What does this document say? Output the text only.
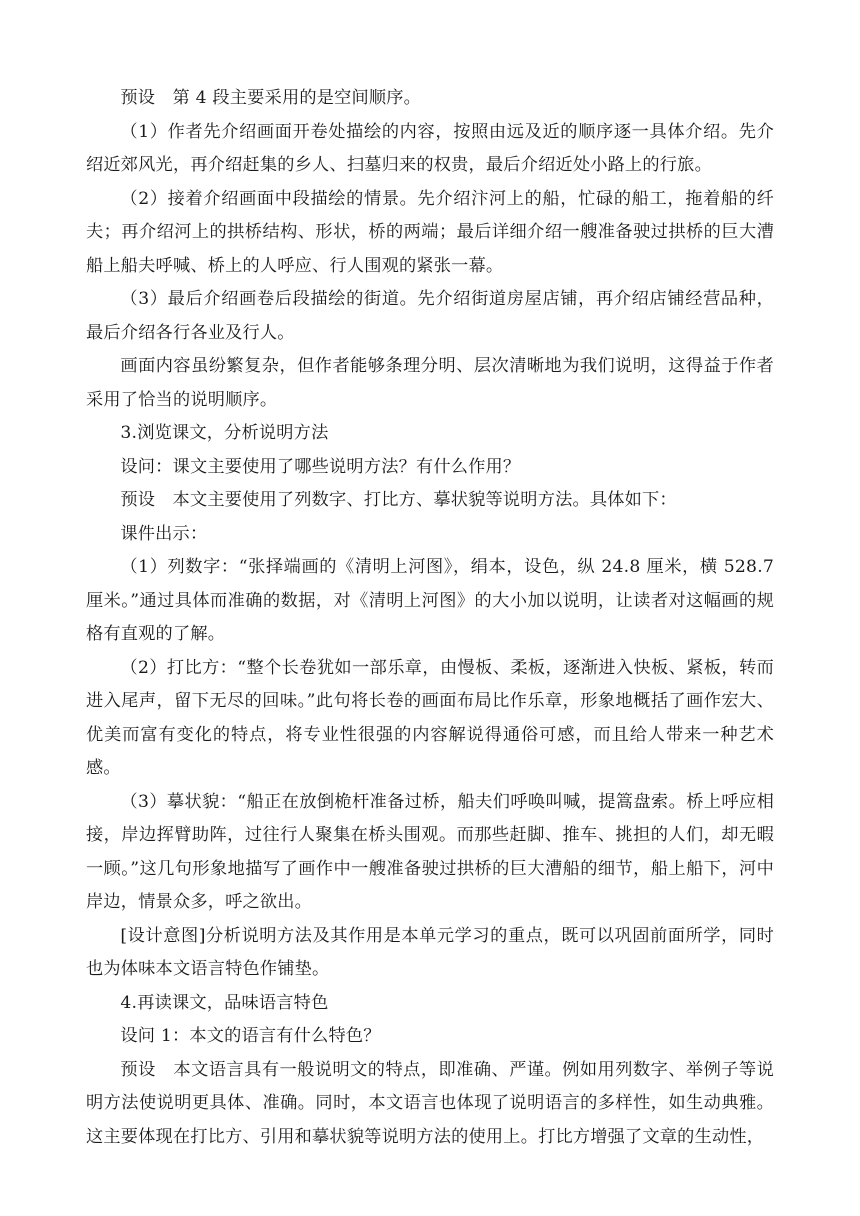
预设　第 4 段主要采用的是空间顺序。

（1）作者先介绍画面开卷处描绘的内容，按照由远及近的顺序逐一具体介绍。先介绍近郊风光，再介绍赶集的乡人、扫墓归来的权贵，最后介绍近处小路上的行旅。

（2）接着介绍画面中段描绘的情景。先介绍汴河上的船，忙碌的船工，拖着船的纤夫；再介绍河上的拱桥结构、形状，桥的两端；最后详细介绍一艘准备驶过拱桥的巨大漕船上船夫呼喊、桥上的人呼应、行人围观的紧张一幕。

（3）最后介绍画卷后段描绘的街道。先介绍街道房屋店铺，再介绍店铺经营品种，最后介绍各行各业及行人。

画面内容虽纷繁复杂，但作者能够条理分明、层次清晰地为我们说明，这得益于作者采用了恰当的说明顺序。

3.浏览课文，分析说明方法

设问：课文主要使用了哪些说明方法？有什么作用？

预设　本文主要使用了列数字、打比方、摹状貌等说明方法。具体如下：

课件出示：

（1）列数字：“张择端画的《清明上河图》，绢本，设色，纵 24.8 厘米，横 528.7 厘米。”通过具体而准确的数据，对《清明上河图》的大小加以说明，让读者对这幅画的规格有直观的了解。

（2）打比方：“整个长卷犹如一部乐章，由慢板、柔板，逐渐进入快板、紧板，转而进入尾声，留下无尽的回味。”此句将长卷的画面布局比作乐章，形象地概括了画作宏大、优美而富有变化的特点，将专业性很强的内容解说得通俗可感，而且给人带来一种艺术感。

（3）摹状貌：“船正在放倒桅杆准备过桥，船夫们呼唤叫喊，提篙盘索。桥上呼应相接，岸边挥臂助阵，过往行人聚集在桥头围观。而那些赶脚、推车、挑担的人们，却无暇一顾。”这几句形象地描写了画作中一艘准备驶过拱桥的巨大漕船的细节，船上船下，河中岸边，情景众多，呼之欲出。

[设计意图]分析说明方法及其作用是本单元学习的重点，既可以巩固前面所学，同时也为体味本文语言特色作铺垫。

4.再读课文，品味语言特色

设问 1：本文的语言有什么特色？

预设　本文语言具有一般说明文的特点，即准确、严谨。例如用列数字、举例子等说明方法使说明更具体、准确。同时，本文语言也体现了说明语言的多样性，如生动典雅。这主要体现在打比方、引用和摹状貌等说明方法的使用上。打比方增强了文章的生动性，
